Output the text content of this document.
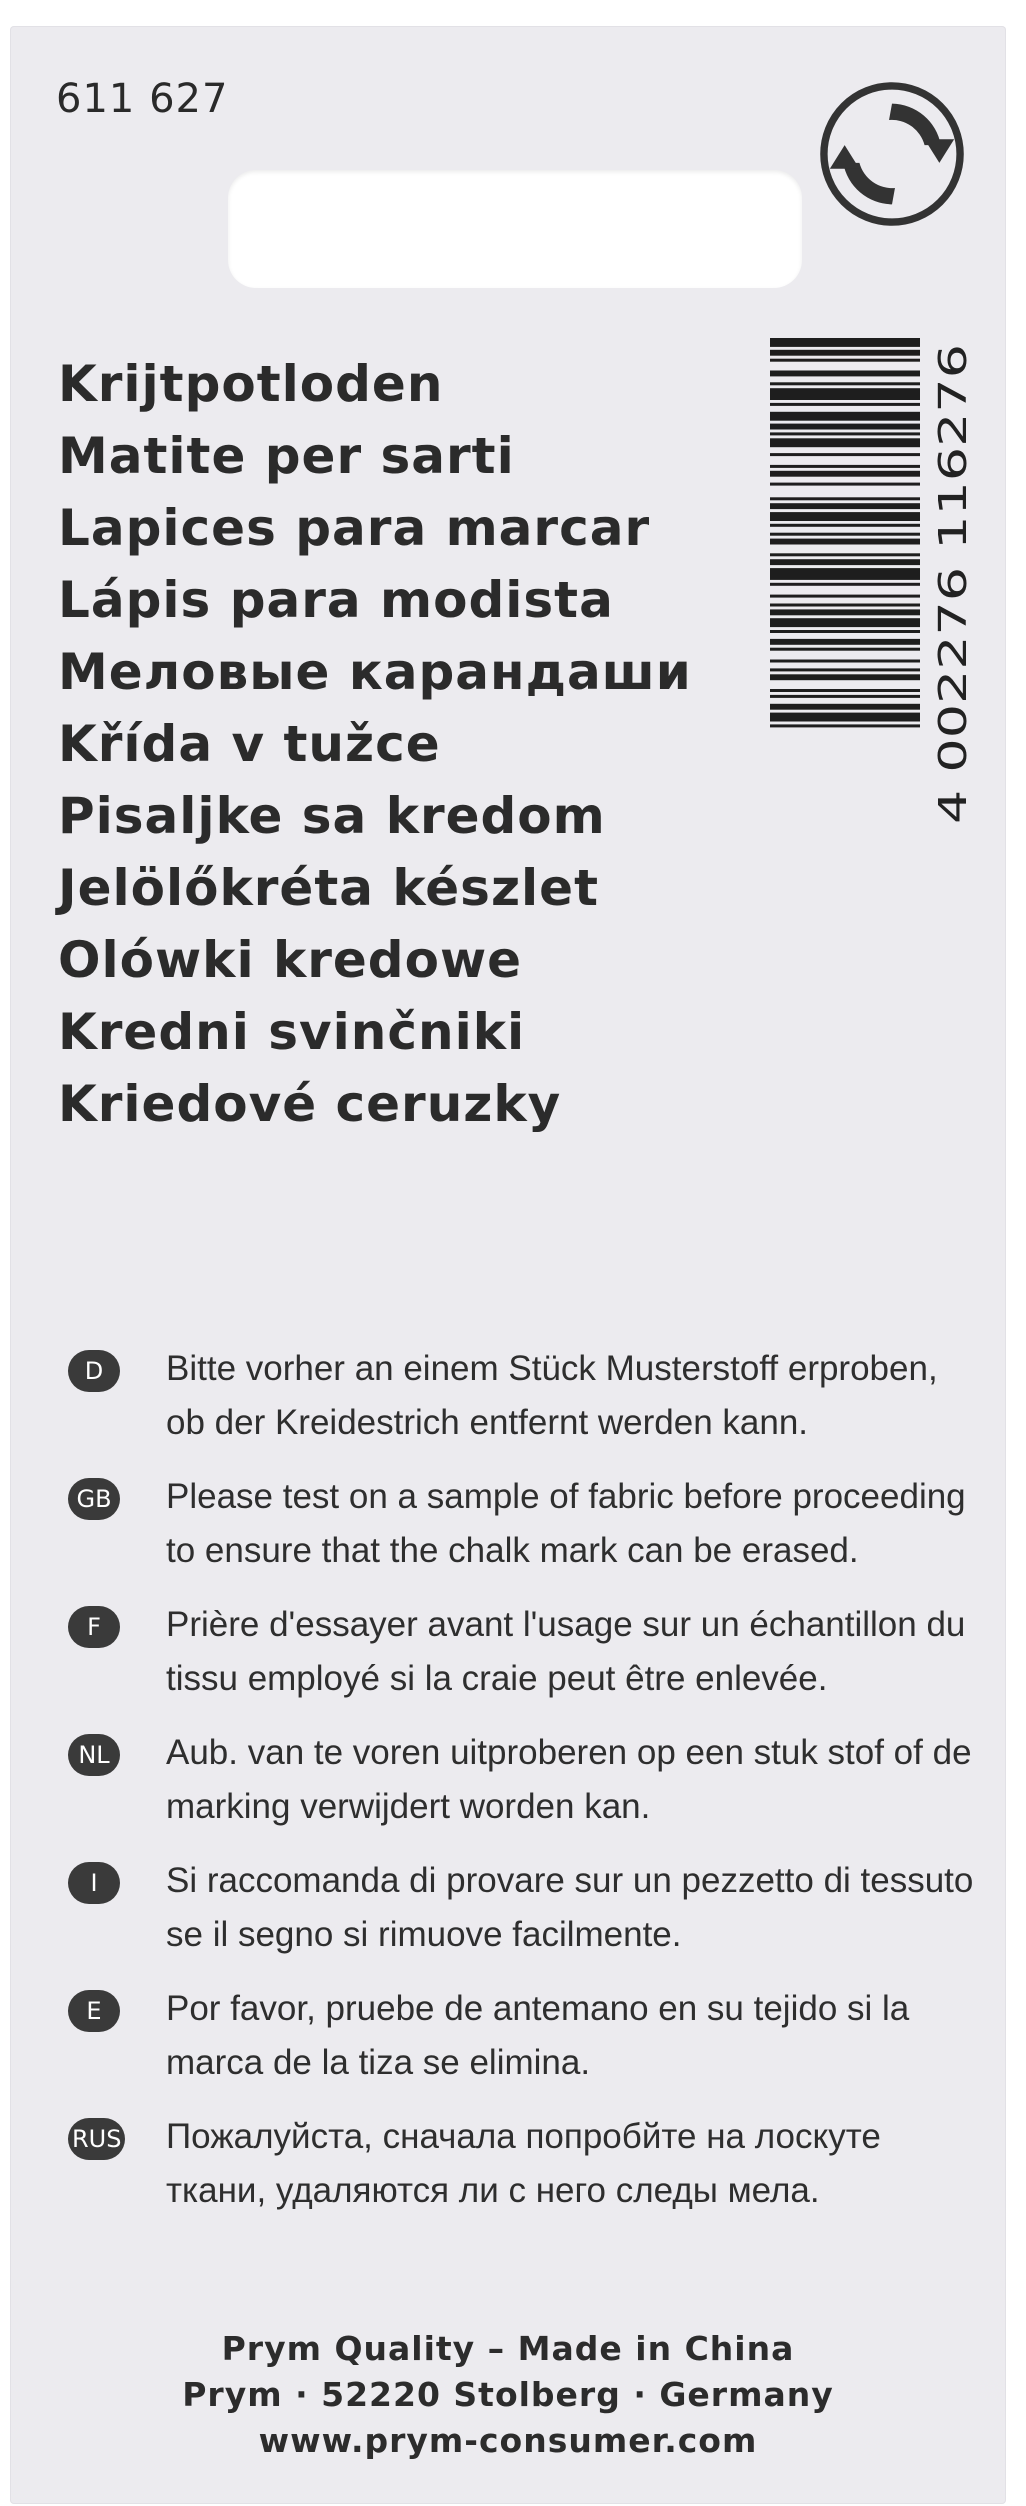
611 627
4 002276 116276
Krijtpotloden
Matite per sarti
Lapices para marcar
Lápis para modista
Меловые карандаши
Křída v tužce
Pisaljke sa kredom
Jelölőkréta készlet
Olówki kredowe
Kredni svinčniki
Kriedové ceruzky
D	Bitte vorher an einem Stück Musterstoff erproben, ob der Kreidestrich entfernt werden kann.
GB Please test on a sample of fabric before proceeding to ensure that the chalk mark can be erased.
F	Prière d'essayer avant l'usage sur un échantillon du tissu employé si la craie peut être enlevée.
NL Aub. van te voren uitproberen op een stuk stof of de marking verwijdert worden kan.
I	Si raccomanda di provare sur un pezzetto di tessuto se il segno si rimuove facilmente.
E	Por favor, pruebe de antemano en su tejido si la marca de la tiza se elimina.
RUS Пожалуйста, сначала попробйте на лоскуте ткани, удаляются ли с него следы мела.
Prym Quality – Made in China
Prym · 52220 Stolberg · Germany
www.prym-consumer.com
